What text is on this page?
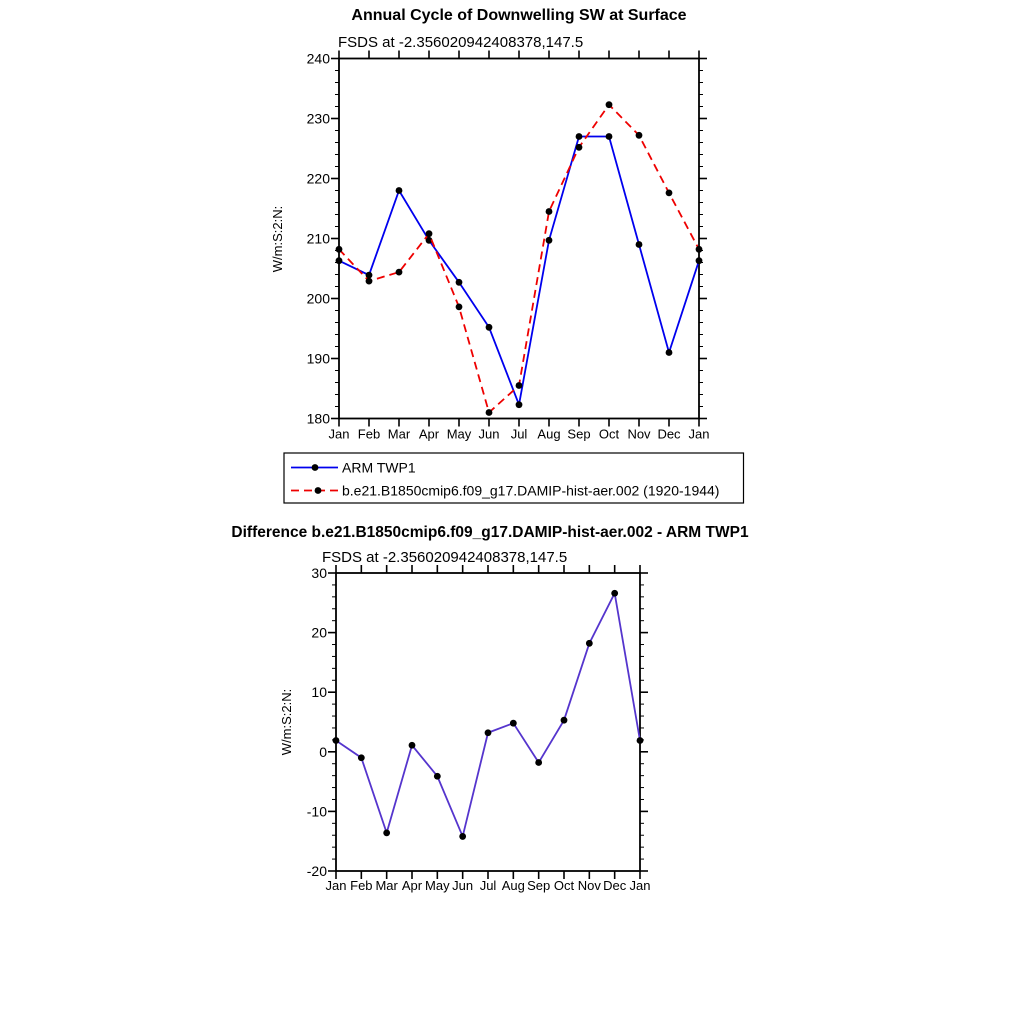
Annual Cycle of Downwelling SW at Surface
FSDS at -2.356020942408378,147.5
W/m:S:2:N:
180
190
200
210
220
230
240
Jan Feb Mar Apr May Jun Jul Aug Sep Oct Nov Dec Jan
ARM TWP1
b.e21.B1850cmip6.f09_g17.DAMIP-hist-aer.002 (1920-1944)
Difference b.e21.B1850cmip6.f09_g17.DAMIP-hist-aer.002 - ARM TWP1
FSDS at -2.356020942408378,147.5
W/m:S:2:N:
-20
-10
0
10
20
30
Jan Feb Mar Apr May Jun Jul Aug Sep Oct Nov Dec Jan
